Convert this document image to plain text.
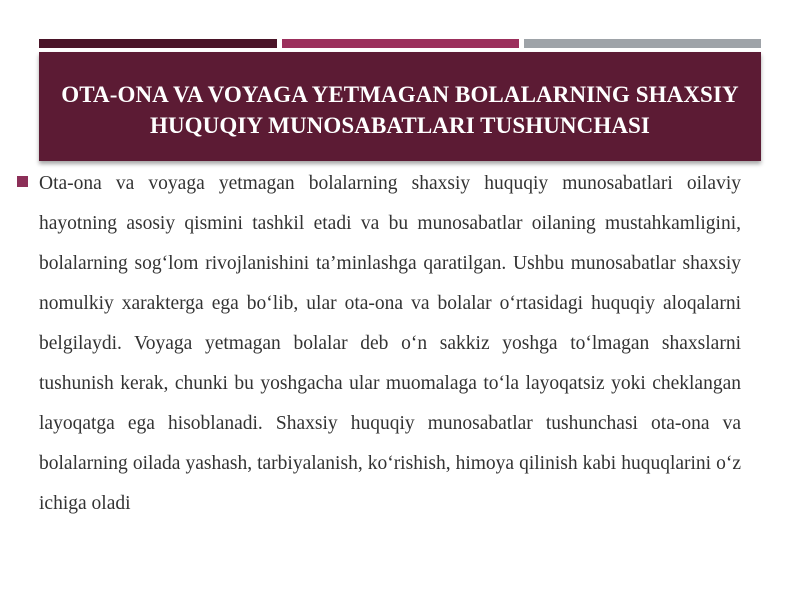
OTA-ONA VA VOYAGA YETMAGAN BOLALARNING SHAXSIY HUQUQIY MUNOSABATLARI TUSHUNCHASI

Ota-ona va voyaga yetmagan bolalarning shaxsiy huquqiy munosabatlari oilaviy hayotning asosiy qismini tashkil etadi va bu munosabatlar oilaning mustahkamligini, bolalarning sog‘lom rivojlanishini ta’minlashga qaratilgan. Ushbu munosabatlar shaxsiy nomulkiy xarakterga ega bo‘lib, ular ota-ona va bolalar o‘rtasidagi huquqiy aloqalarni belgilaydi. Voyaga yetmagan bolalar deb o‘n sakkiz yoshga to‘lmagan shaxslarni tushunish kerak, chunki bu yoshgacha ular muomalaga to‘la layoqatsiz yoki cheklangan layoqatga ega hisoblanadi. Shaxsiy huquqiy munosabatlar tushunchasi ota-ona va bolalarning oilada yashash, tarbiyalanish, ko‘rishish, himoya qilinish kabi huquqlarini o‘z ichiga oladi
